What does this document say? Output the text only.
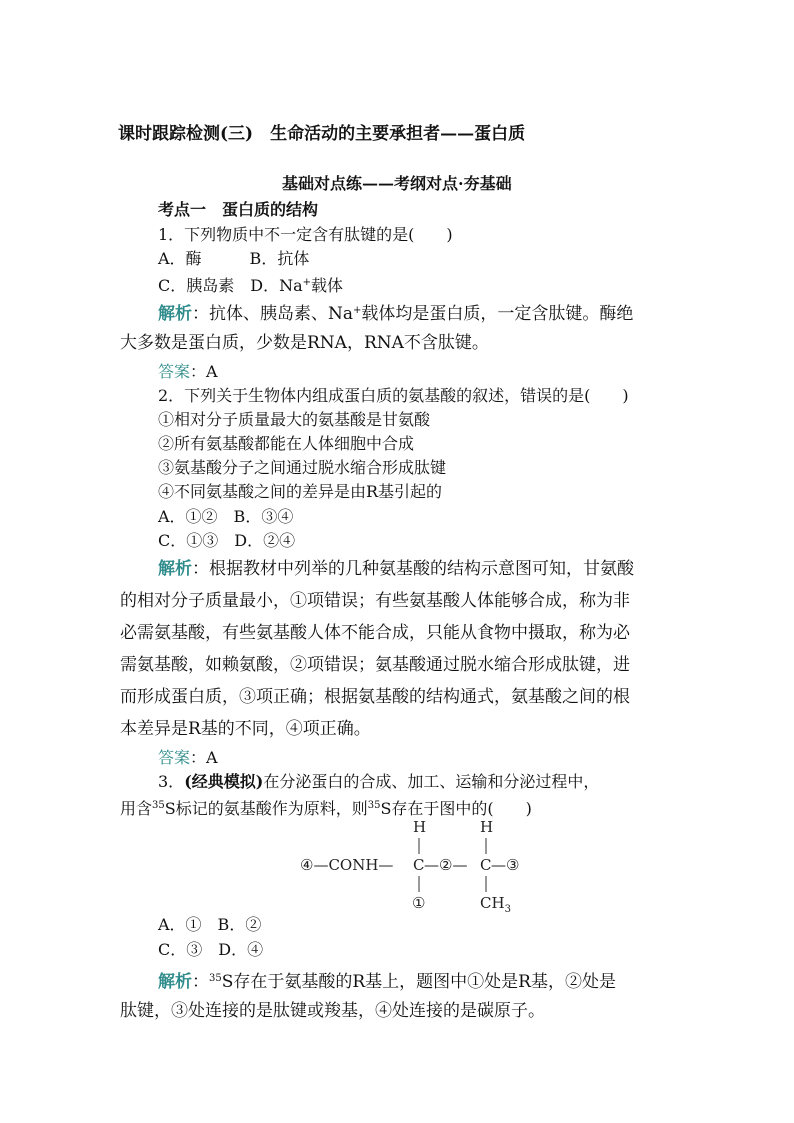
课时跟踪检测(三)　生命活动的主要承担者——蛋白质
基础对点练——考纲对点·夯基础
考点一　蛋白质的结构
1．下列物质中不一定含有肽键的是(　　)
A．酶　　　B．抗体
C．胰岛素　D．Na+载体
解析：抗体、胰岛素、Na+载体均是蛋白质，一定含肽键。酶绝
大多数是蛋白质，少数是RNA，RNA不含肽键。
答案：A
2．下列关于生物体内组成蛋白质的氨基酸的叙述，错误的是(　　)
①相对分子质量最大的氨基酸是甘氨酸
②所有氨基酸都能在人体细胞中合成
③氨基酸分子之间通过脱水缩合形成肽键
④不同氨基酸之间的差异是由R基引起的
A．①②　B．③④
C．①③　D．②④
解析：根据教材中列举的几种氨基酸的结构示意图可知，甘氨酸
的相对分子质量最小，①项错误；有些氨基酸人体能够合成，称为非
必需氨基酸，有些氨基酸人体不能合成，只能从食物中摄取，称为必
需氨基酸，如赖氨酸，②项错误；氨基酸通过脱水缩合形成肽键，进
而形成蛋白质，③项正确；根据氨基酸的结构通式，氨基酸之间的根
本差异是R基的不同，④项正确。
答案：A
3．(经典模拟)在分泌蛋白的合成、加工、运输和分泌过程中，
用含$^{35}$S标记的氨基酸作为原料，则$^{35}$S存在于图中的(　　)
H	H
④—CONH— C —②— C —③
①	$CH_3$
A．①　B．②
C．③　D．④
解析：$^{35}$S存在于氨基酸的R基上，题图中①处是R基，②处是
肽键，③处连接的是肽键或羧基，④处连接的是碳原子。
